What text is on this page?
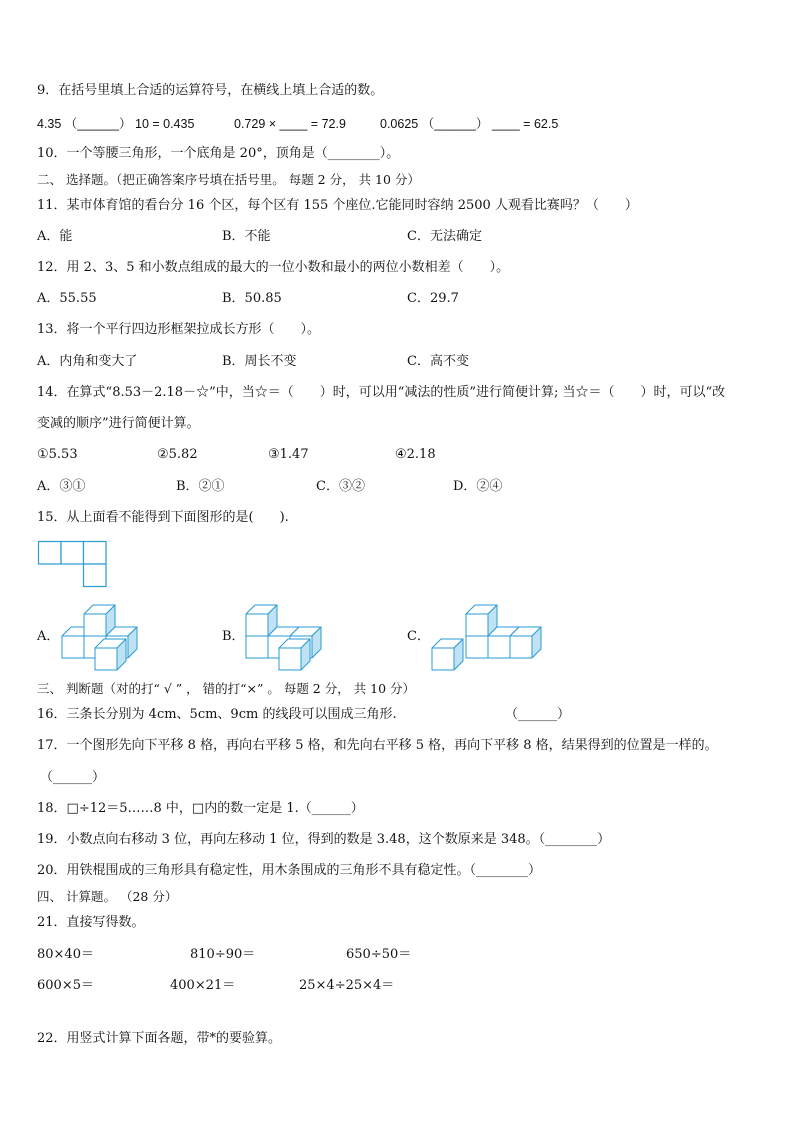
9．在括号里填上合适的运算符号，在横线上填上合适的数。
4.35 （______） 10 = 0.435	0.729 × ____ = 72.9	0.0625 （______） ____ = 62.5
10．一个等腰三角形，一个底角是 20°，顶角是（________）。
二、 选择题。（把正确答案序号填在括号里。 每题 2 分， 共 10 分）
11．某市体育馆的看台分 16 个区，每个区有 155 个座位.它能同时容纳 2500 人观看比赛吗？（　　）
A．能	B．不能	C．无法确定
12．用 2、3、5 和小数点组成的最大的一位小数和最小的两位小数相差（　　）。
A．55.55	B．50.85	C．29.7
13．将一个平行四边形框架拉成长方形（　　）。
A．内角和变大了	B．周长不变	C．高不变
14．在算式“8.53－2.18－☆”中，当☆＝（　　）时，可以用“减法的性质”进行简便计算; 当☆＝（　　）时，可以“改
变减的顺序”进行简便计算。
①5.53	②5.82	③1.47	④2.18
A．③①	B．②①	C．③②	D．②④
15．从上面看不能得到下面图形的是(　　).
A．	B．	C．
三、 判断题（对的打“ √ ” ， 错的打“×” 。 每题 2 分， 共 10 分）
16．三条长分别为 4cm、5cm、9cm 的线段可以围成三角形.	（______）
17．一个图形先向下平移 8 格，再向右平移 5 格，和先向右平移 5 格，再向下平移 8 格，结果得到的位置是一样的。
（______）
18．□÷12＝5……8 中，□内的数一定是 1.（______）
19．小数点向右移动 3 位，再向左移动 1 位，得到的数是 3.48，这个数原来是 348。（________）
20．用铁棍围成的三角形具有稳定性，用木条围成的三角形不具有稳定性。（________）
四、 计算题。 （28 分）
21．直接写得数。
80×40＝	810÷90＝	650÷50＝
600×5＝	400×21＝	25×4÷25×4＝
22．用竖式计算下面各题，带*的要验算。
